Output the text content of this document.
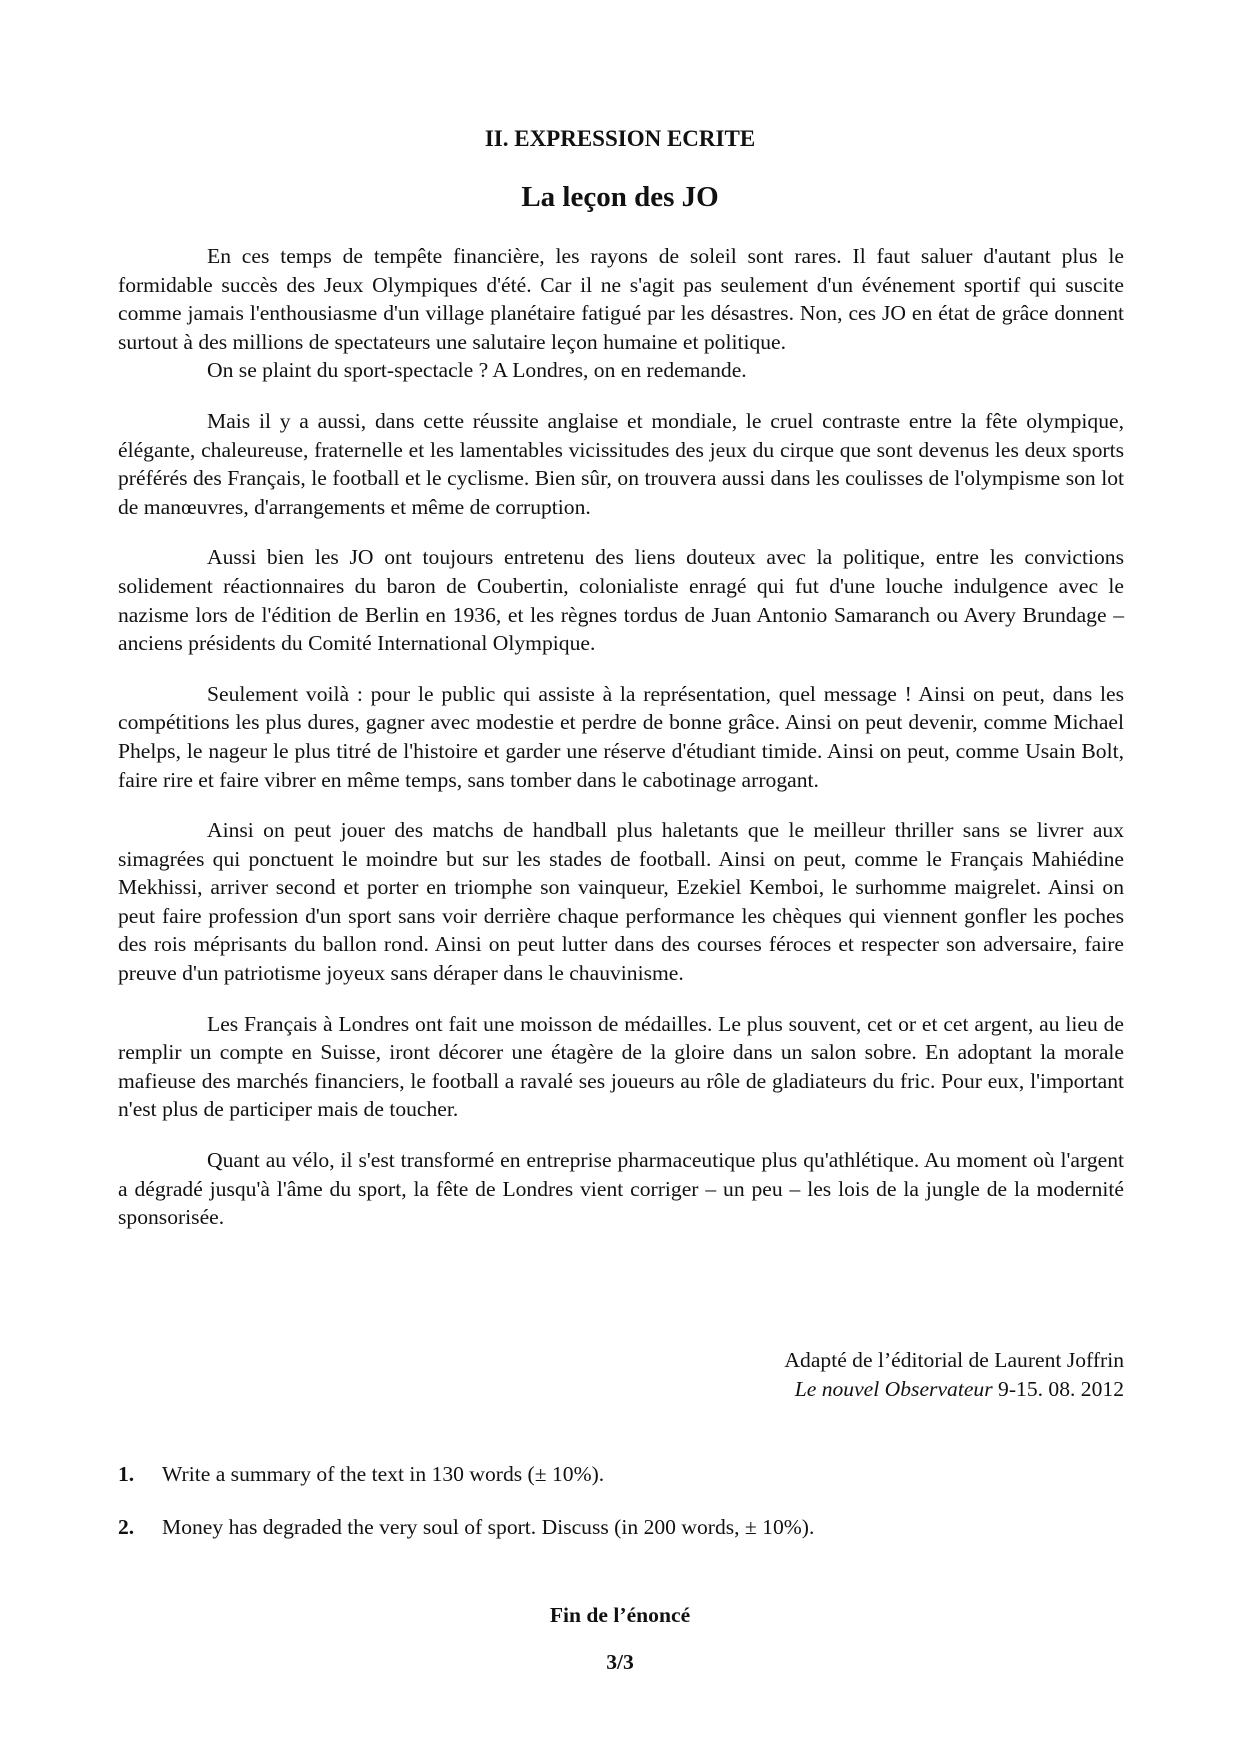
II. EXPRESSION ECRITE
La leçon des JO

En ces temps de tempête financière, les rayons de soleil sont rares. Il faut saluer d'autant plus le formidable succès des Jeux Olympiques d'été. Car il ne s'agit pas seulement d'un événement sportif qui suscite comme jamais l'enthousiasme d'un village planétaire fatigué par les désastres. Non, ces JO en état de grâce donnent surtout à des millions de spectateurs une salutaire leçon humaine et politique.

On se plaint du sport-spectacle ? A Londres, on en redemande.

Mais il y a aussi, dans cette réussite anglaise et mondiale, le cruel contraste entre la fête olympique, élégante, chaleureuse, fraternelle et les lamentables vicissitudes des jeux du cirque que sont devenus les deux sports préférés des Français, le football et le cyclisme. Bien sûr, on trouvera aussi dans les coulisses de l'olympisme son lot de manœuvres, d'arrangements et même de corruption.

Aussi bien les JO ont toujours entretenu des liens douteux avec la politique, entre les convictions solidement réactionnaires du baron de Coubertin, colonialiste enragé qui fut d'une louche indulgence avec le nazisme lors de l'édition de Berlin en 1936, et les règnes tordus de Juan Antonio Samaranch ou Avery Brundage – anciens présidents du Comité International Olympique.

Seulement voilà : pour le public qui assiste à la représentation, quel message ! Ainsi on peut, dans les compétitions les plus dures, gagner avec modestie et perdre de bonne grâce. Ainsi on peut devenir, comme Michael Phelps, le nageur le plus titré de l'histoire et garder une réserve d'étudiant timide. Ainsi on peut, comme Usain Bolt, faire rire et faire vibrer en même temps, sans tomber dans le cabotinage arrogant.

Ainsi on peut jouer des matchs de handball plus haletants que le meilleur thriller sans se livrer aux simagrées qui ponctuent le moindre but sur les stades de football. Ainsi on peut, comme le Français Mahiédine Mekhissi, arriver second et porter en triomphe son vainqueur, Ezekiel Kemboi, le surhomme maigrelet. Ainsi on peut faire profession d'un sport sans voir derrière chaque performance les chèques qui viennent gonfler les poches des rois méprisants du ballon rond. Ainsi on peut lutter dans des courses féroces et respecter son adversaire, faire preuve d'un patriotisme joyeux sans déraper dans le chauvinisme.

Les Français à Londres ont fait une moisson de médailles. Le plus souvent, cet or et cet argent, au lieu de remplir un compte en Suisse, iront décorer une étagère de la gloire dans un salon sobre. En adoptant la morale mafieuse des marchés financiers, le football a ravalé ses joueurs au rôle de gladiateurs du fric. Pour eux, l'important n'est plus de participer mais de toucher.

Quant au vélo, il s'est transformé en entreprise pharmaceutique plus qu'athlétique. Au moment où l'argent a dégradé jusqu'à l'âme du sport, la fête de Londres vient corriger – un peu – les lois de la jungle de la modernité sponsorisée.

Adapté de l’éditorial de Laurent Joffrin
Le nouvel Observateur 9-15. 08. 2012
1. Write a summary of the text in 130 words (± 10%).
2. Money has degraded the very soul of sport. Discuss (in 200 words, ± 10%).
Fin de l’énoncé
3/3
